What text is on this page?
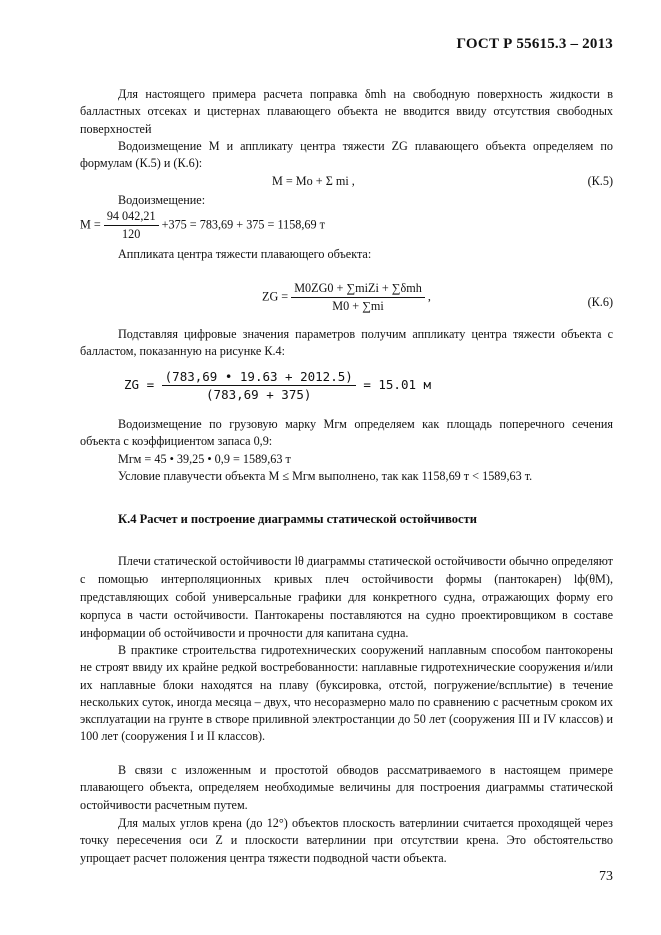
ГОСТ Р 55615.3 – 2013
Для настоящего примера расчета поправка δmh на свободную поверхность жидкости в балластных отсеках и цистернах плавающего объекта не вводится ввиду отсутствия свободных поверхностей
Водоизмещение M и аппликату центра тяжести ZG плавающего объекта определяем по формулам (К.5) и (К.6):
M = Mо + Σ mi ,	(К.5)
Водоизмещение:
$M = \frac{94 042,21}{120} +375 = 783,69 + 375 = 1158,69$ т
Аппликата центра тяжести плавающего объекта:
ZG = $\frac{\text{M0ZG0 + ∑miZi + ∑δmh}}{M0 + \sum mi}$ ,	(К.6)
Подставляя цифровые значения параметров получим аппликату центра тяжести объекта с балластом, показанную на рисунке К.4:
ZG = $\frac{(783,69 • 19.63 + 2012.5)}{(783,69 + 375)} = 15.01$ м
Водоизмещение по грузовую марку Mгм определяем как площадь поперечного сечения объекта с коэффициентом запаса 0,9:
Mгм = 45 • 39,25 • 0,9 = 1589,63 т
Условие плавучести объекта M ≤ Mгм выполнено, так как 1158,69 т < 1589,63 т.
К.4 Расчет и построение диаграммы статической остойчивости
Плечи статической остойчивости lθ диаграммы статической остойчивости обычно определяют с помощью интерполяционных кривых плеч остойчивости формы (пантокарен) lф(θM), представляющих собой универсальные графики для конкретного судна, отражающих форму его корпуса в части остойчивости. Пантокарены поставляются на судно проектировщиком в составе информации об остойчивости и прочности для капитана судна.
В практике строительства гидротехнических сооружений наплавным способом пантокорены не строят ввиду их крайне редкой востребованности: наплавные гидротехнические сооружения и/или их наплавные блоки находятся на плаву (буксировка, отстой, погружение/всплытие) в течение нескольких суток, иногда месяца – двух, что несоразмерно мало по сравнению с расчетным сроком их эксплуатации на грунте в створе приливной электростанции до 50 лет (сооружения III и IV классов) и 100 лет (сооружения I и II классов).
В связи с изложенным и простотой обводов рассматриваемого в настоящем примере плавающего объекта, определяем необходимые величины для построения диаграммы статической остойчивости расчетным путем.
Для малых углов крена (до 12°) объектов плоскость ватерлинии считается проходящей через точку пересечения оси Z и плоскости ватерлинии при отсутствии крена. Это обстоятельство упрощает расчет положения центра тяжести подводной части объекта.
73
